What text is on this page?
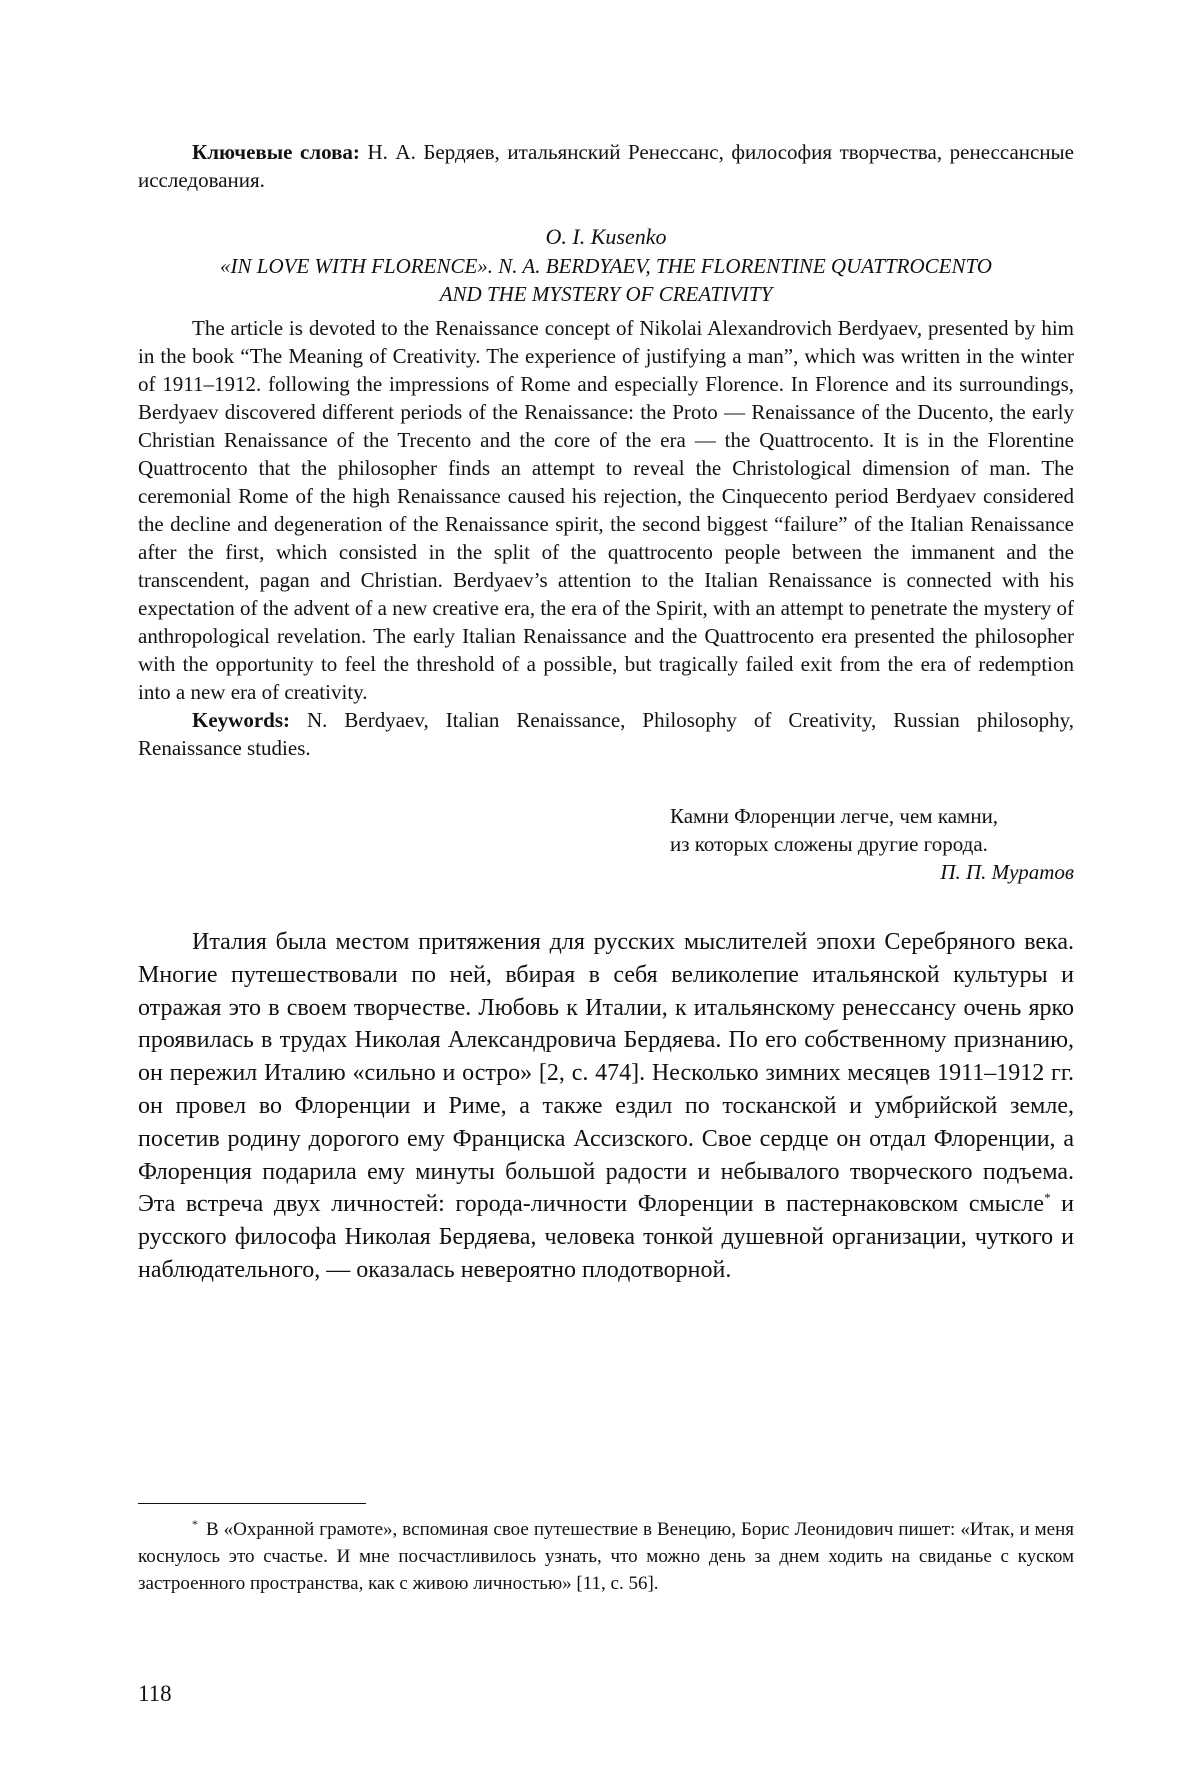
Ключевые слова: Н. А. Бердяев, итальянский Ренессанс, философия творчества, ренессансные исследования.

O. I. Kusenko

«IN LOVE WITH FLORENCE». N. A. BERDYAEV, THE FLORENTINE QUATTROCENTO

AND THE MYSTERY OF CREATIVITY

The article is devoted to the Renaissance concept of Nikolai Alexandrovich Berdyaev, presented by him in the book “The Meaning of Creativity. The experience of justifying a man”, which was written in the winter of 1911–1912. following the impressions of Rome and especially Florence. In Florence and its surroundings, Berdyaev discovered different periods of the Renaissance: the Proto — Renaissance of the Ducento, the early Christian Renaissance of the Trecento and the core of the era — the Quattrocento. It is in the Florentine Quattrocento that the philosopher finds an attempt to reveal the Christological dimension of man. The ceremonial Rome of the high Renaissance caused his rejection, the Cinquecento period Berdyaev considered the decline and degeneration of the Renaissance spirit, the second biggest “failure” of the Italian Renaissance after the first, which consisted in the split of the quattrocento people between the immanent and the transcendent, pagan and Christian. Berdyaev’s attention to the Italian Renaissance is connected with his expectation of the advent of a new creative era, the era of the Spirit, with an attempt to penetrate the mystery of anthropological revelation. The early Italian Renaissance and the Quattrocento era presented the philosopher with the opportunity to feel the threshold of a possible, but tragically failed exit from the era of redemption into a new era of creativity.

Keywords: N. Berdyaev, Italian Renaissance, Philosophy of Creativity, Russian philosophy, Renaissance studies.

Камни Флоренции легче, чем камни,

из которых сложены другие города.

П. П. Муратов

Италия была местом притяжения для русских мыслителей эпохи Серебряного века. Многие путешествовали по ней, вбирая в себя великолепие итальянской культуры и отражая это в своем творчестве. Любовь к Италии, к итальянскому ренессансу очень ярко проявилась в трудах Николая Александровича Бердяева. По его собственному признанию, он пережил Италию «сильно и остро» [2, с. 474]. Несколько зимних месяцев 1911–1912 гг. он провел во Флоренции и Риме, а также ездил по тосканской и умбрийской земле, посетив родину дорогого ему Франциска Ассизского. Свое сердце он отдал Флоренции, а Флоренция подарила ему минуты большой радости и небывалого творческого подъема. Эта встреча двух личностей: города-личности Флоренции в пастернаковском смысле* и русского философа Николая Бердяева, человека тонкой душевной организации, чуткого и наблюдательного, — оказалась невероятно плодотворной.

* В «Охранной грамоте», вспоминая свое путешествие в Венецию, Борис Леонидович пишет: «Итак, и меня коснулось это счастье. И мне посчастливилось узнать, что можно день за днем ходить на свиданье с куском застроенного пространства, как с живою личностью» [11, с. 56].

118
